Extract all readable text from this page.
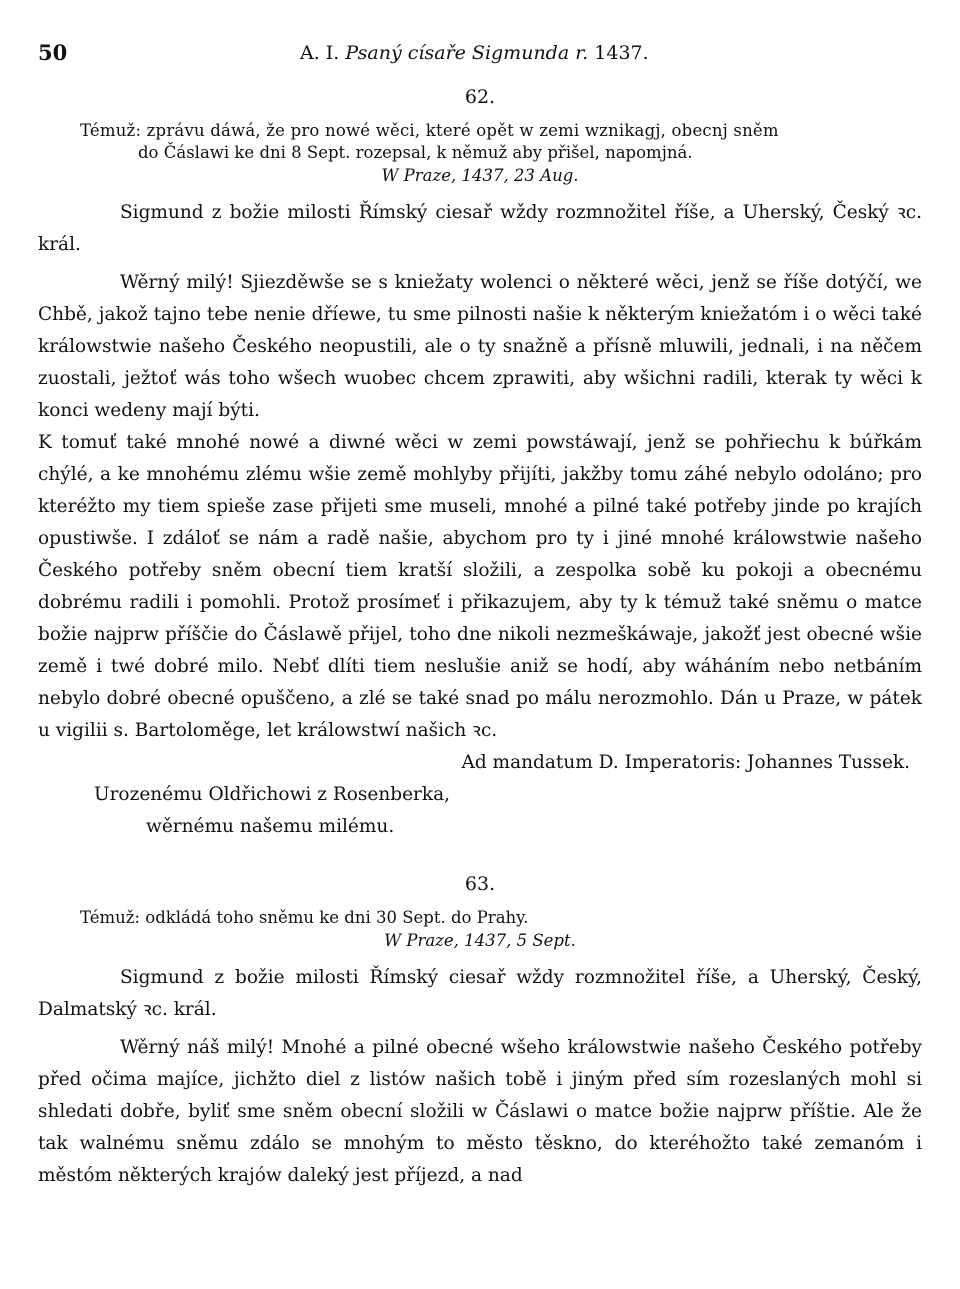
50	A. I. Psaný císaře Sigmunda r. 1437.
62.
Témuž: zprávu dáwá, že pro nowé wěci, které opět w zemi wznikagj, obecnj sněm
do Čáslawi ke dni 8 Sept. rozepsal, k němuž aby přišel, napomjná.
W Praze, 1437, 23 Aug.

Sigmund z božie milosti Římský ciesař wždy rozmnožitel říše, a Uherský, Český ꝛc. král.

Wěrný milý! Sjiezděwše se s kniežaty wolenci o některé wěci, jenž se říše dotýčí, we Chbě, jakož tajno tebe nenie dříewe, tu sme pilnosti našie k některým kniežatóm i o wěci také králowstwie našeho Českého neopustili, ale o ty snažně a přísně mluwili, jednali, i na něčem zuostali, ježtoť wás toho wšech wuobec chcem zprawiti, aby wšichni radili, kterak ty wěci k konci wedeny mají býti.

K tomuť také mnohé nowé a diwné wěci w zemi powstáwají, jenž se pohřiechu k búřkám chýlé, a ke mnohému zlému wšie země mohlyby přijíti, jakžby tomu záhé nebylo odoláno; pro kteréžto my tiem spieše zase přijeti sme museli, mnohé a pilné také potřeby jinde po krajích opustiwše. I zdáloť se nám a radě našie, abychom pro ty i jiné mnohé králowstwie našeho Českého potřeby sněm obecní tiem kratší složili, a zespolka sobě ku pokoji a obecnému dobrému radili i pomohli. Protož prosímeť i přikazujem, aby ty k témuž také sněmu o matce božie najprw příščie do Čáslawě přijel, toho dne nikoli nezmeškáwaje, jakožť jest obecné wšie země i twé dobré milo. Nebť dlíti tiem neslušie aniž se hodí, aby wáháním nebo netbáním nebylo dobré obecné opuščeno, a zlé se také snad po málu nerozmohlo. Dán u Praze, w pátek u vigilii s. Bartoloměge, let králowstwí našich ꝛc.

Ad mandatum D. Imperatoris: Johannes Tussek.
Urozenému Oldřichowi z Rosenberka,
wěrnému našemu milému.
63.
Témuž: odkládá toho sněmu ke dni 30 Sept. do Prahy.
W Praze, 1437, 5 Sept.

Sigmund z božie milosti Římský ciesař wždy rozmnožitel říše, a Uherský, Český, Dalmatský ꝛc. král.

Wěrný náš milý! Mnohé a pilné obecné wšeho králowstwie našeho Českého potřeby před očima majíce, jichžto diel z listów našich tobě i jiným před sím rozeslaných mohl si shledati dobře, byliť sme sněm obecní složili w Čáslawi o matce božie najprw příštie. Ale že tak walnému sněmu zdálo se mnohým to město těskno, do kteréhožto také zemanóm i městóm některých krajów daleký jest příjezd, a nad
